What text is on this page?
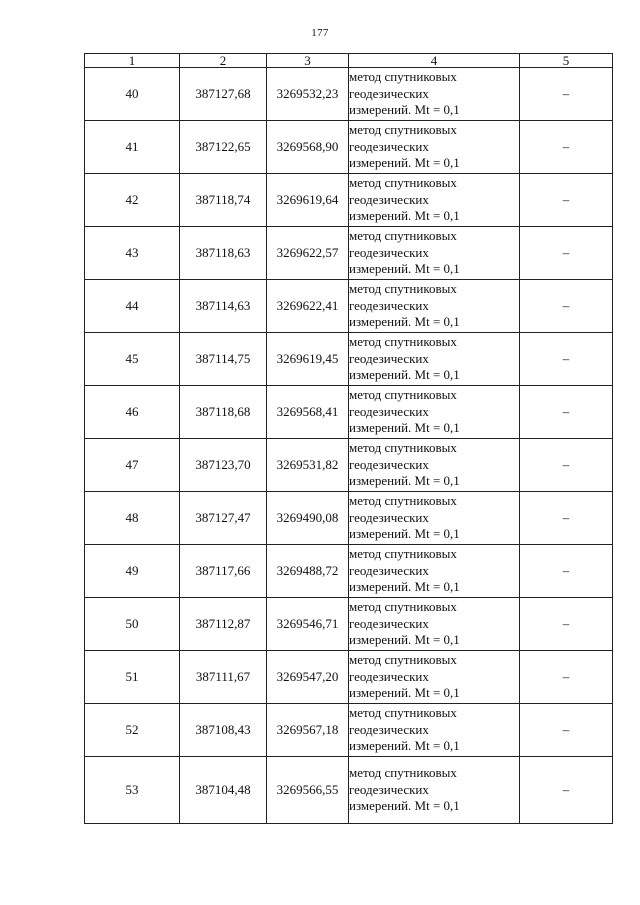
177
1	2	3	4	5
40	387127,68	3269532,23	метод спутниковых
геодезических
измерений. Mt = 0,1	–
41	387122,65	3269568,90	метод спутниковых
геодезических
измерений. Mt = 0,1	–
42	387118,74	3269619,64	метод спутниковых
геодезических
измерений. Mt = 0,1	–
43	387118,63	3269622,57	метод спутниковых
геодезических
измерений. Mt = 0,1	–
44	387114,63	3269622,41	метод спутниковых
геодезических
измерений. Mt = 0,1	–
45	387114,75	3269619,45	метод спутниковых
геодезических
измерений. Mt = 0,1	–
46	387118,68	3269568,41	метод спутниковых
геодезических
измерений. Mt = 0,1	–
47	387123,70	3269531,82	метод спутниковых
геодезических
измерений. Mt = 0,1	–
48	387127,47	3269490,08	метод спутниковых
геодезических
измерений. Mt = 0,1	–
49	387117,66	3269488,72	метод спутниковых
геодезических
измерений. Mt = 0,1	–
50	387112,87	3269546,71	метод спутниковых
геодезических
измерений. Mt = 0,1	–
51	387111,67	3269547,20	метод спутниковых
геодезических
измерений. Mt = 0,1	–
52	387108,43	3269567,18	метод спутниковых
геодезических
измерений. Mt = 0,1	–
53	387104,48	3269566,55	метод спутниковых
геодезических
измерений. Mt = 0,1	–
